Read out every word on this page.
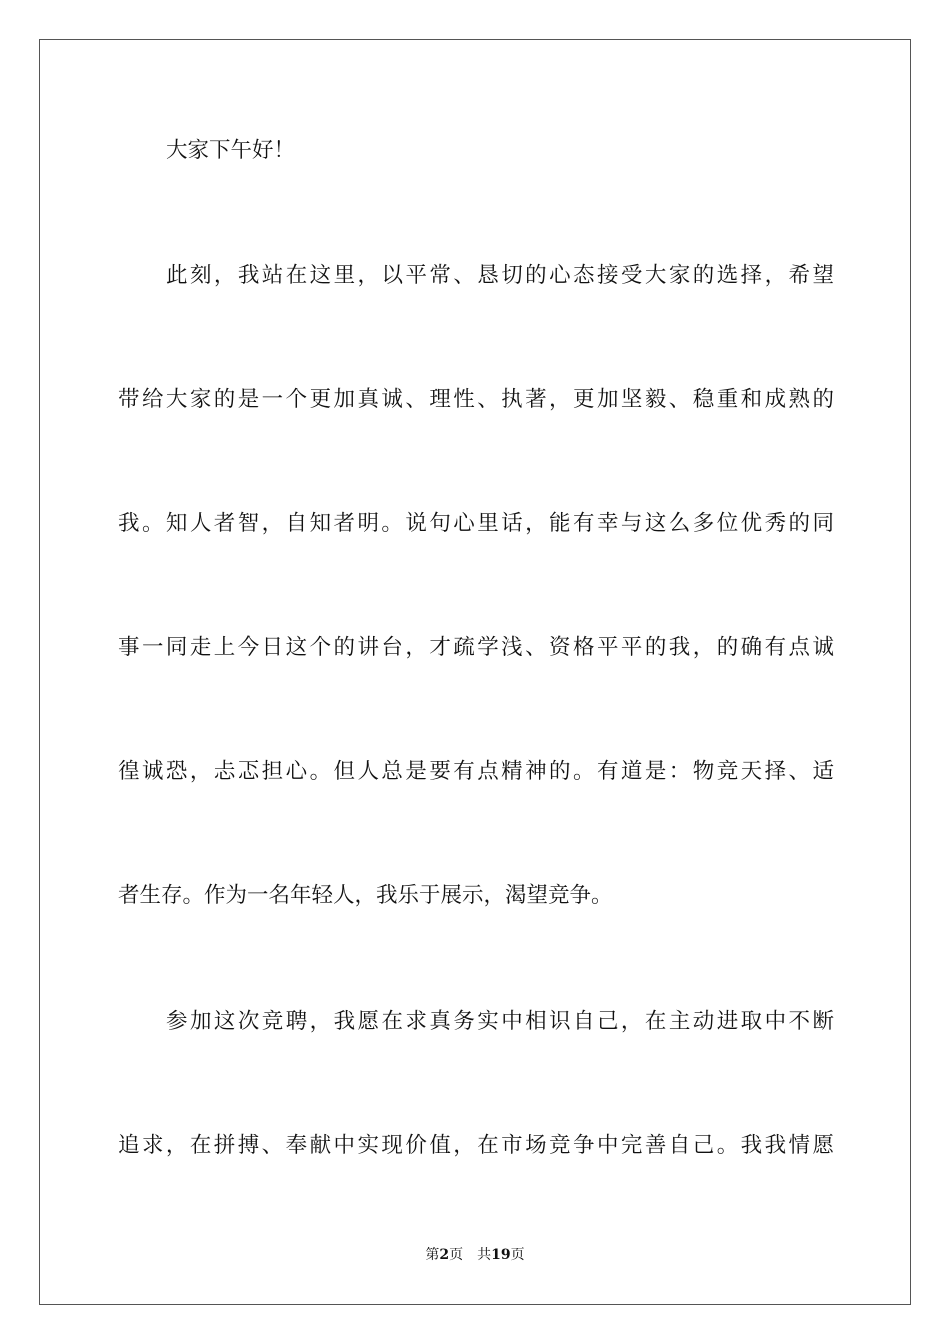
大家下午好！
此刻，我站在这里，以平常、恳切的心态接受大家的选择，希望
带给大家的是一个更加真诚、理性、执著，更加坚毅、稳重和成熟的
我。知人者智，自知者明。说句心里话，能有幸与这么多位优秀的同
事一同走上今日这个的讲台，才疏学浅、资格平平的我，的确有点诚
徨诚恐，忐忑担心。但人总是要有点精神的。有道是：物竞天择、适
者生存。作为一名年轻人，我乐于展示，渴望竞争。
参加这次竞聘，我愿在求真务实中相识自己，在主动进取中不断
追求，在拼搏、奉献中实现价值，在市场竞争中完善自己。我我情愿
第2页 共19页
